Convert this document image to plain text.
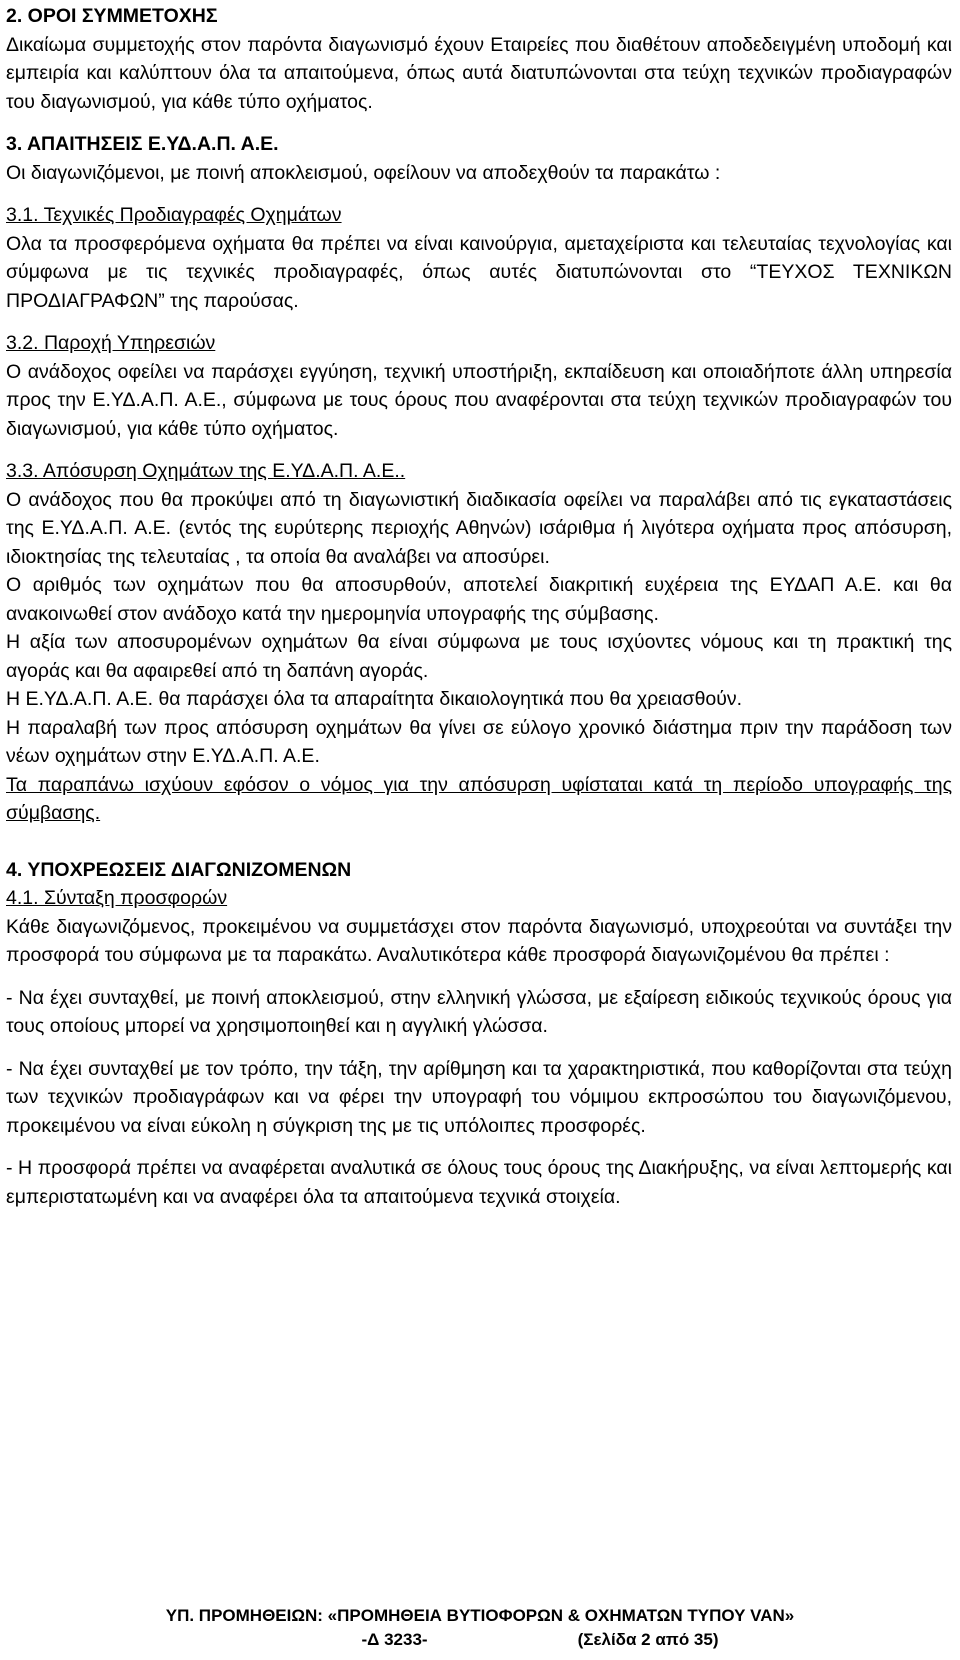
2. ΟΡΟΙ ΣΥΜΜΕΤΟΧΗΣ

Δικαίωμα συμμετοχής στον παρόντα διαγωνισμό έχουν Εταιρείες που διαθέτουν αποδεδειγμένη υποδομή και εμπειρία και καλύπτουν όλα τα απαιτούμενα, όπως αυτά διατυπώνονται στα τεύχη τεχνικών προδιαγραφών του διαγωνισμού, για κάθε τύπο οχήματος.

3. ΑΠΑΙΤΗΣΕΙΣ Ε.ΥΔ.Α.Π. Α.Ε.

Οι διαγωνιζόμενοι, με ποινή αποκλεισμού, οφείλουν να αποδεχθούν τα παρακάτω :

3.1. Τεχνικές Προδιαγραφές Οχημάτων

Ολα τα προσφερόμενα οχήματα θα πρέπει να είναι καινούργια, αμεταχείριστα και τελευταίας τεχνολογίας και σύμφωνα με τις τεχνικές προδιαγραφές, όπως αυτές διατυπώνονται στο “ΤΕΥΧΟΣ ΤΕΧΝΙΚΩΝ ΠΡΟΔΙΑΓΡΑΦΩΝ” της παρούσας.

3.2. Παροχή Υπηρεσιών

Ο ανάδοχος οφείλει να παράσχει εγγύηση, τεχνική υποστήριξη, εκπαίδευση και οποιαδήποτε άλλη υπηρεσία προς την Ε.ΥΔ.Α.Π. Α.Ε., σύμφωνα με τους όρους που αναφέρονται στα τεύχη τεχνικών προδιαγραφών του διαγωνισμού, για κάθε τύπο οχήματος.

3.3. Απόσυρση Οχημάτων της Ε.ΥΔ.Α.Π. Α.Ε..

Ο ανάδοχος που θα προκύψει από τη διαγωνιστική διαδικασία οφείλει να παραλάβει από τις εγκαταστάσεις της Ε.ΥΔ.Α.Π. Α.Ε. (εντός της ευρύτερης περιοχής Αθηνών) ισάριθμα ή λιγότερα οχήματα προς απόσυρση, ιδιοκτησίας της τελευταίας , τα οποία θα αναλάβει να αποσύρει.

Ο αριθμός των οχημάτων που θα αποσυρθούν, αποτελεί διακριτική ευχέρεια της ΕΥΔΑΠ Α.Ε. και θα ανακοινωθεί στον ανάδοχο κατά την ημερομηνία υπογραφής της σύμβασης.

Η αξία των αποσυρομένων οχημάτων θα είναι σύμφωνα με τους ισχύοντες νόμους και τη πρακτική της αγοράς και θα αφαιρεθεί από τη δαπάνη αγοράς.

Η Ε.ΥΔ.Α.Π. Α.Ε. θα παράσχει όλα τα απαραίτητα δικαιολογητικά που θα χρειασθούν.

Η παραλαβή των προς απόσυρση οχημάτων θα γίνει σε εύλογο χρονικό διάστημα πριν την παράδοση των νέων οχημάτων στην Ε.ΥΔ.Α.Π. Α.Ε.

Τα παραπάνω ισχύουν εφόσον ο νόμος για την απόσυρση υφίσταται κατά τη περίοδο υπογραφής της σύμβασης.

4. ΥΠΟΧΡΕΩΣΕΙΣ ΔΙΑΓΩΝΙΖΟΜΕΝΩΝ

4.1. Σύνταξη προσφορών

Κάθε διαγωνιζόμενος, προκειμένου να συμμετάσχει στον παρόντα διαγωνισμό, υποχρεούται να συντάξει την προσφορά του σύμφωνα με τα παρακάτω. Αναλυτικότερα κάθε προσφορά διαγωνιζομένου θα πρέπει :

- Να έχει συνταχθεί, με ποινή αποκλεισμού, στην ελληνική γλώσσα, με εξαίρεση ειδικούς τεχνικούς όρους για τους οποίους μπορεί να χρησιμοποιηθεί και η αγγλική γλώσσα.

- Να έχει συνταχθεί με τον τρόπο, την τάξη, την αρίθμηση και τα χαρακτηριστικά, που καθορίζονται στα τεύχη των τεχνικών προδιαγράφων και να φέρει την υπογραφή του νόμιμου εκπροσώπου του διαγωνιζόμενου, προκειμένου να είναι εύκολη η σύγκριση της με τις υπόλοιπες προσφορές.

- Η προσφορά πρέπει να αναφέρεται αναλυτικά σε όλους τους όρους της Διακήρυξης, να είναι λεπτομερής και εμπεριστατωμένη και να αναφέρει όλα τα απαιτούμενα τεχνικά στοιχεία.

ΥΠ. ΠΡΟΜΗΘΕΙΩΝ: «ΠΡΟΜΗΘΕΙΑ ΒΥΤΙΟΦΟΡΩΝ & ΟΧΗΜΑΤΩΝ ΤΥΠΟΥ VAN»
-Δ 3233-	(Σελίδα 2 από 35)
